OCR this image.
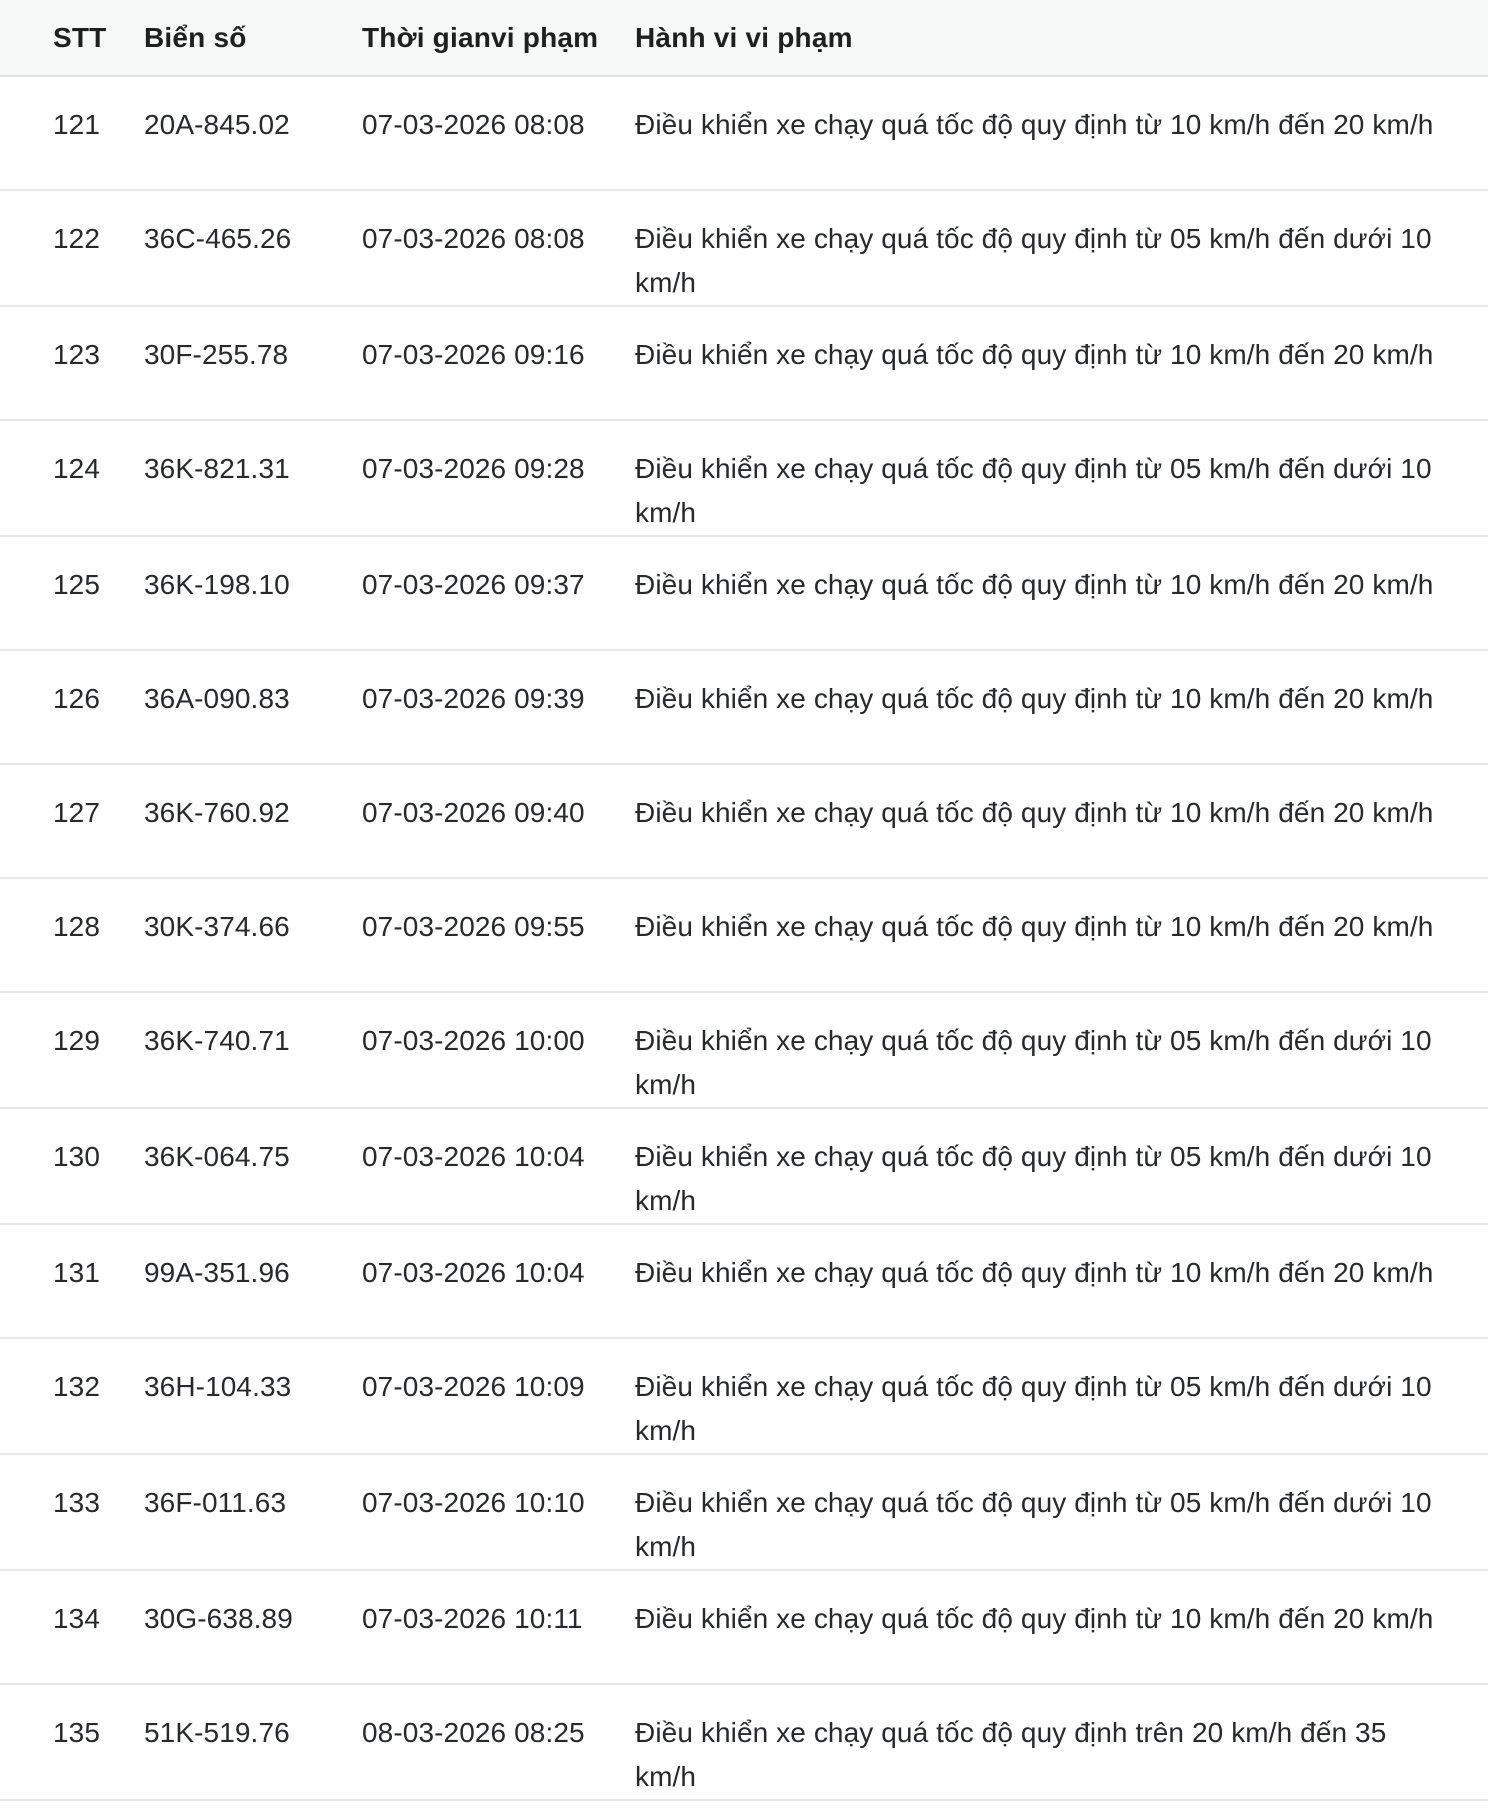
STT	Biển số	Thời gianvi phạm	Hành vi vi phạm
121	20A-845.02	07-03-2026 08:08	Điều khiển xe chạy quá tốc độ quy định từ 10 km/h đến 20 km/h
122	36C-465.26	07-03-2026 08:08	Điều khiển xe chạy quá tốc độ quy định từ 05 km/h đến dưới 10 km/h
123	30F-255.78	07-03-2026 09:16	Điều khiển xe chạy quá tốc độ quy định từ 10 km/h đến 20 km/h
124	36K-821.31	07-03-2026 09:28	Điều khiển xe chạy quá tốc độ quy định từ 05 km/h đến dưới 10 km/h
125	36K-198.10	07-03-2026 09:37	Điều khiển xe chạy quá tốc độ quy định từ 10 km/h đến 20 km/h
126	36A-090.83	07-03-2026 09:39	Điều khiển xe chạy quá tốc độ quy định từ 10 km/h đến 20 km/h
127	36K-760.92	07-03-2026 09:40	Điều khiển xe chạy quá tốc độ quy định từ 10 km/h đến 20 km/h
128	30K-374.66	07-03-2026 09:55	Điều khiển xe chạy quá tốc độ quy định từ 10 km/h đến 20 km/h
129	36K-740.71	07-03-2026 10:00	Điều khiển xe chạy quá tốc độ quy định từ 05 km/h đến dưới 10 km/h
130	36K-064.75	07-03-2026 10:04	Điều khiển xe chạy quá tốc độ quy định từ 05 km/h đến dưới 10 km/h
131	99A-351.96	07-03-2026 10:04	Điều khiển xe chạy quá tốc độ quy định từ 10 km/h đến 20 km/h
132	36H-104.33	07-03-2026 10:09	Điều khiển xe chạy quá tốc độ quy định từ 05 km/h đến dưới 10 km/h
133	36F-011.63	07-03-2026 10:10	Điều khiển xe chạy quá tốc độ quy định từ 05 km/h đến dưới 10 km/h
134	30G-638.89	07-03-2026 10:11	Điều khiển xe chạy quá tốc độ quy định từ 10 km/h đến 20 km/h
135	51K-519.76	08-03-2026 08:25	Điều khiển xe chạy quá tốc độ quy định trên 20 km/h đến 35 km/h
